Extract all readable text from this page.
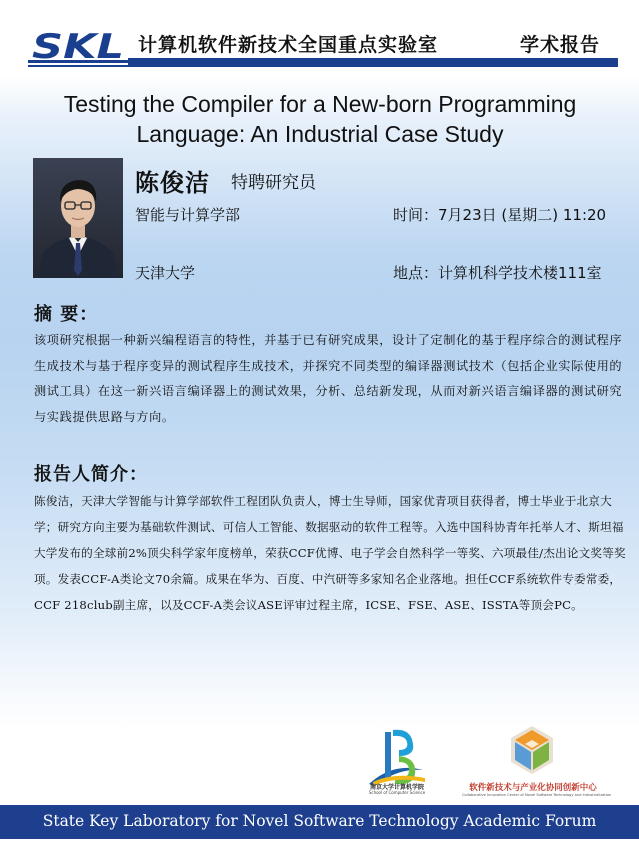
SKL 计算机软件新技术全国重点实验室	学术报告
Testing the Compiler for a New-born Programming
Language: An Industrial Case Study
陈俊洁 特聘研究员
智能与计算学部	时间：7月23日 (星期二) 11:20
天津大学	地点：计算机科学技术楼111室
摘 要：
该项研究根据一种新兴编程语言的特性，并基于已有研究成果，设计了定制化的基于程序综合的测试程序生成技术与基于程序变异的测试程序生成技术，并探究不同类型的编译器测试技术（包括企业实际使用的测试工具）在这一新兴语言编译器上的测试效果，分析、总结新发现，从而对新兴语言编译器的测试研究与实践提供思路与方向。
报告人简介：
陈俊洁，天津大学智能与计算学部软件工程团队负责人，博士生导师，国家优青项目获得者，博士毕业于北京大学；研究方向主要为基础软件测试、可信人工智能、数据驱动的软件工程等。入选中国科协青年托举人才、斯坦福大学发布的全球前2%顶尖科学家年度榜单，荣获CCF优博、电子学会自然科学一等奖、六项最佳/杰出论文奖等奖项。发表CCF-A类论文70余篇。成果在华为、百度、中汽研等多家知名企业落地。担任CCF系统软件专委常委，CCF 218club副主席，以及CCF-A类会议ASE评审过程主席，ICSE、FSE、ASE、ISSTA等顶会PC。
南京大学计算机学院
School of Computer Science	软件新技术与产业化协同创新中心
Collaborative Innovation Center of Novel Software Technology and Industrialization
State Key Laboratory for Novel Software Technology Academic Forum
